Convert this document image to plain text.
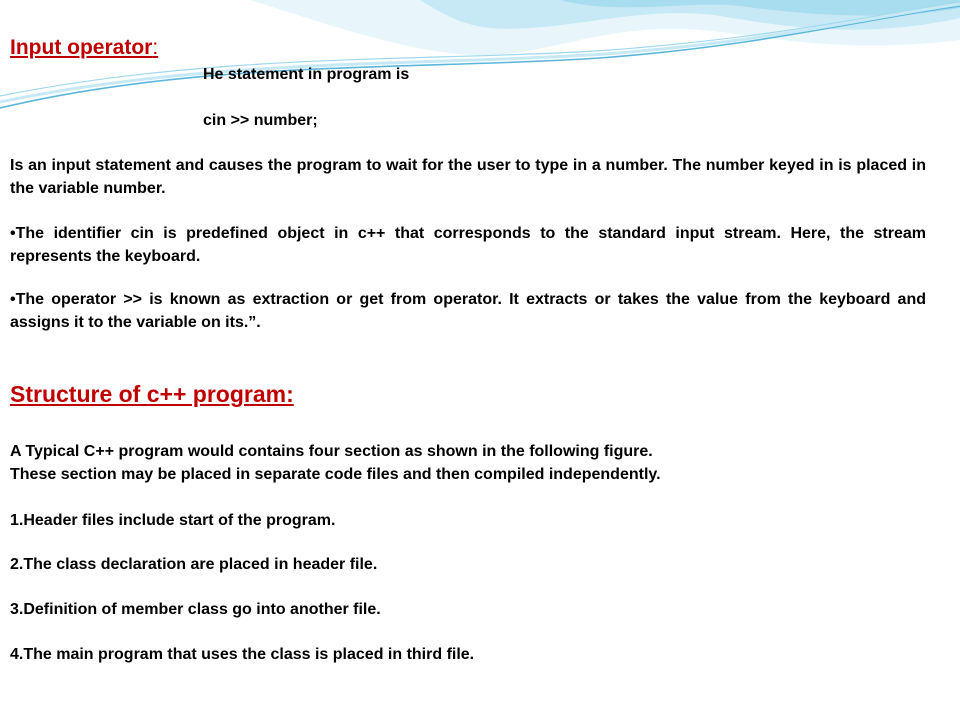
Input operator:
He statement in program is
cin >> number;
Is an input statement and causes the program to wait for the user to type in a number. The number keyed in is placed in the variable number.
•The identifier cin is predefined object in c++ that corresponds to the standard input stream. Here, the stream represents the keyboard.
•The operator >> is known as extraction or get from operator. It extracts or takes the value from the keyboard and assigns it to the variable on its.”.
Structure of c++ program:
A Typical C++ program would contains four section as shown in the following figure.
These section may be placed in separate code files and then compiled independently.
1.Header files include start of the program.
2.The class declaration are placed in header file.
3.Definition of member class go into another file.
4.The main program that uses the class is placed in third file.
